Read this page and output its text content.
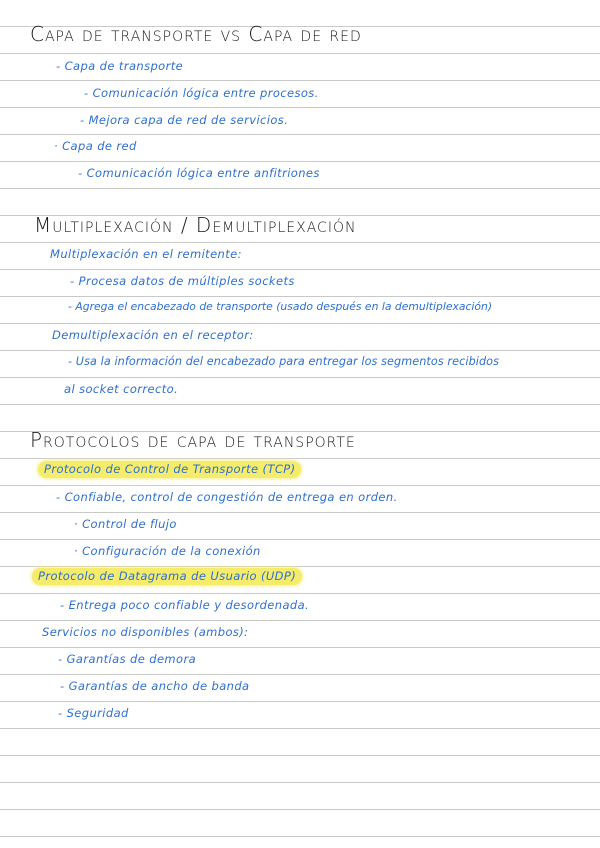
Capa de transporte vs Capa de red
- Capa de transporte
- Comunicación lógica entre procesos.
- Mejora capa de red de servicios.
· Capa de red
- Comunicación lógica entre anfitriones
Multiplexación / Demultiplexación
Multiplexación en el remitente:
- Procesa datos de múltiples sockets
- Agrega el encabezado de transporte (usado después en la demultiplexación)
Demultiplexación en el receptor:
- Usa la información del encabezado para entregar los segmentos recibidos
al socket correcto.
Protocolos de capa de transporte
Protocolo de Control de Transporte (TCP)
- Confiable, control de congestión de entrega en orden.
· Control de flujo
· Configuración de la conexión
Protocolo de Datagrama de Usuario (UDP)
- Entrega poco confiable y desordenada.
Servicios no disponibles (ambos):
- Garantías de demora
- Garantías de ancho de banda
- Seguridad
